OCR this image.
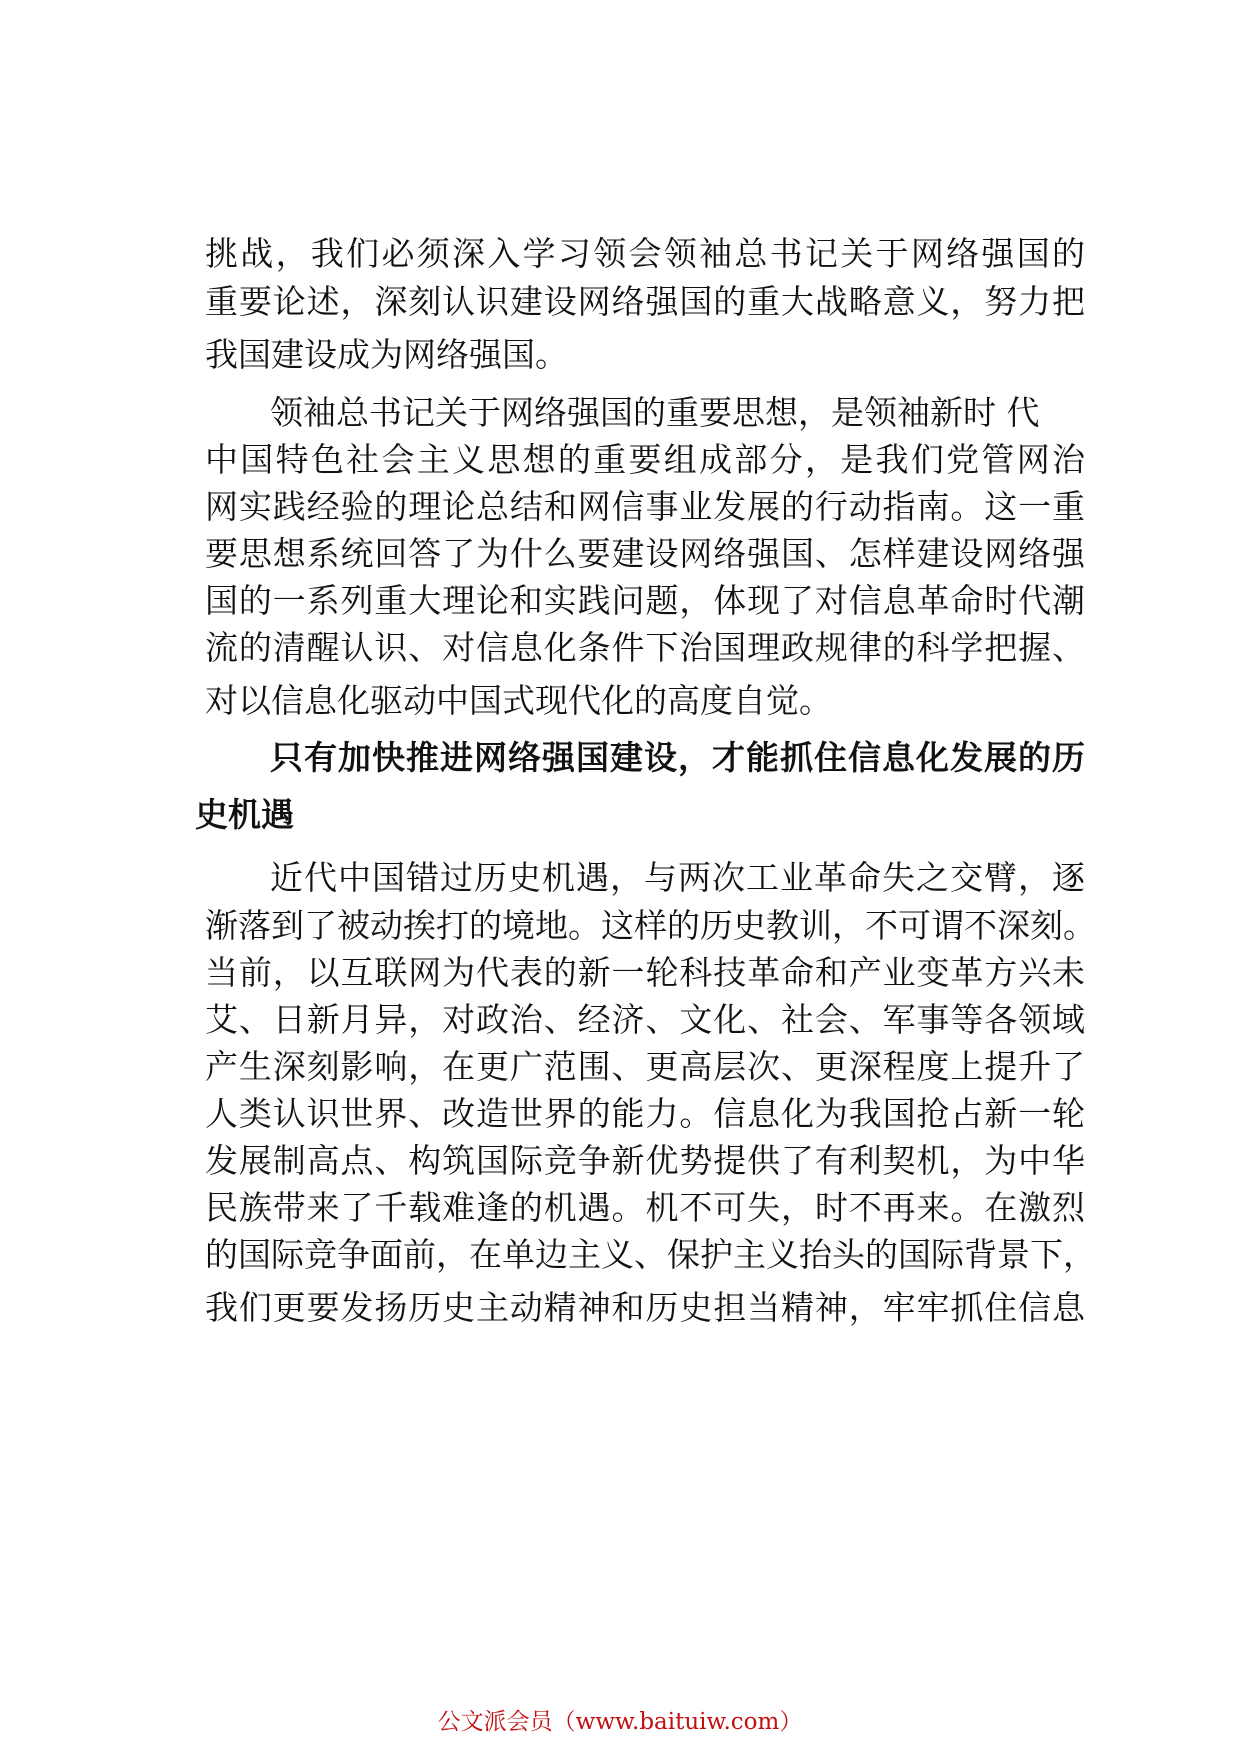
挑战，我们必须深入学习领会领袖总书记关于网络强国的
重要论述，深刻认识建设网络强国的重大战略意义，努力把
我国建设成为网络强国。
领袖总书记关于网络强国的重要思想，是领袖新时 代
中国特色社会主义思想的重要组成部分，是我们党管网治
网实践经验的理论总结和网信事业发展的行动指南。这一重
要思想系统回答了为什么要建设网络强国、怎样建设网络强
国的一系列重大理论和实践问题，体现了对信息革命时代潮
流的清醒认识、对信息化条件下治国理政规律的科学把握、
对以信息化驱动中国式现代化的高度自觉。
只有加快推进网络强国建设，才能抓住信息化发展的历
史机遇
近代中国错过历史机遇，与两次工业革命失之交臂，逐
渐落到了被动挨打的境地。这样的历史教训，不可谓不深刻。
当前，以互联网为代表的新一轮科技革命和产业变革方兴未
艾、日新月异，对政治、经济、文化、社会、军事等各领域
产生深刻影响，在更广范围、更高层次、更深程度上提升了
人类认识世界、改造世界的能力。信息化为我国抢占新一轮
发展制高点、构筑国际竞争新优势提供了有利契机，为中华
民族带来了千载难逢的机遇。机不可失，时不再来。在激烈
的国际竞争面前，在单边主义、保护主义抬头的国际背景下，
我们更要发扬历史主动精神和历史担当精神，牢牢抓住信息
公文派会员（www.baituiw.com）
